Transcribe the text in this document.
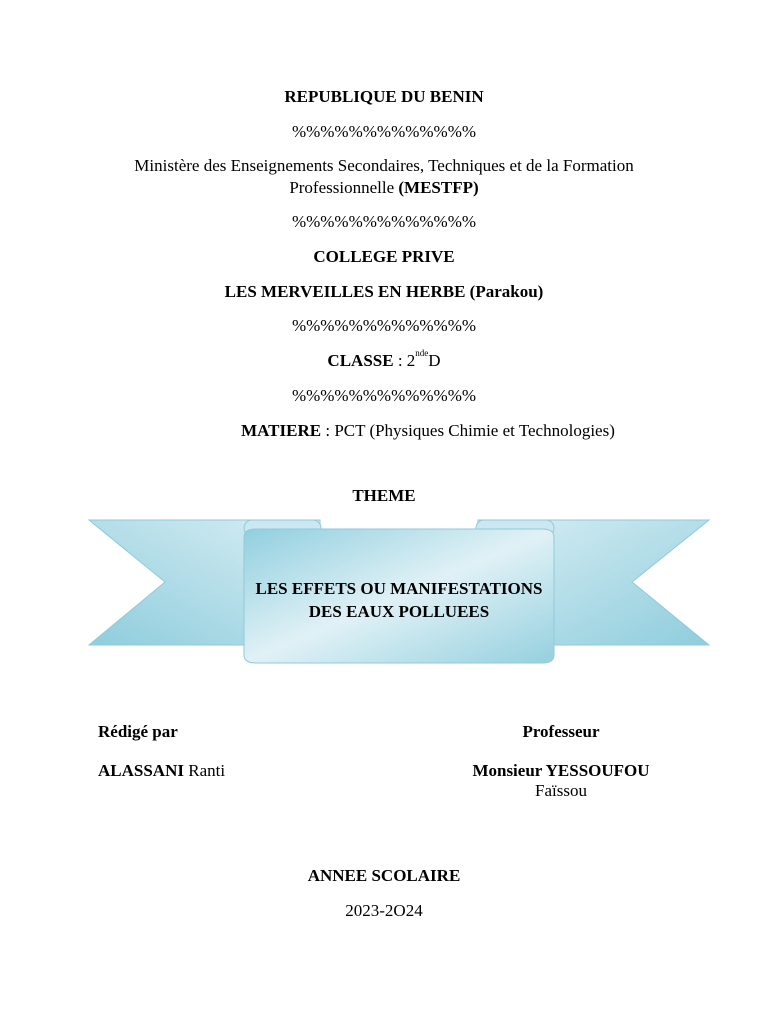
REPUBLIQUE DU BENIN
%%%%%%%%%%%%%
Ministère des Enseignements Secondaires, Techniques et de la Formation
Professionnelle (MESTFP)
%%%%%%%%%%%%%
COLLEGE PRIVE
LES MERVEILLES EN HERBE (Parakou)
%%%%%%%%%%%%%
CLASSE : 2ndeD
%%%%%%%%%%%%%
MATIERE : PCT (Physiques Chimie et Technologies)
THEME
LES EFFETS OU MANIFESTATIONS DES EAUX POLLUEES
Rédigé par
ALASSANI Ranti
Professeur
Monsieur YESSOUFOU
Faïssou
ANNEE SCOLAIRE
2023-2O24
